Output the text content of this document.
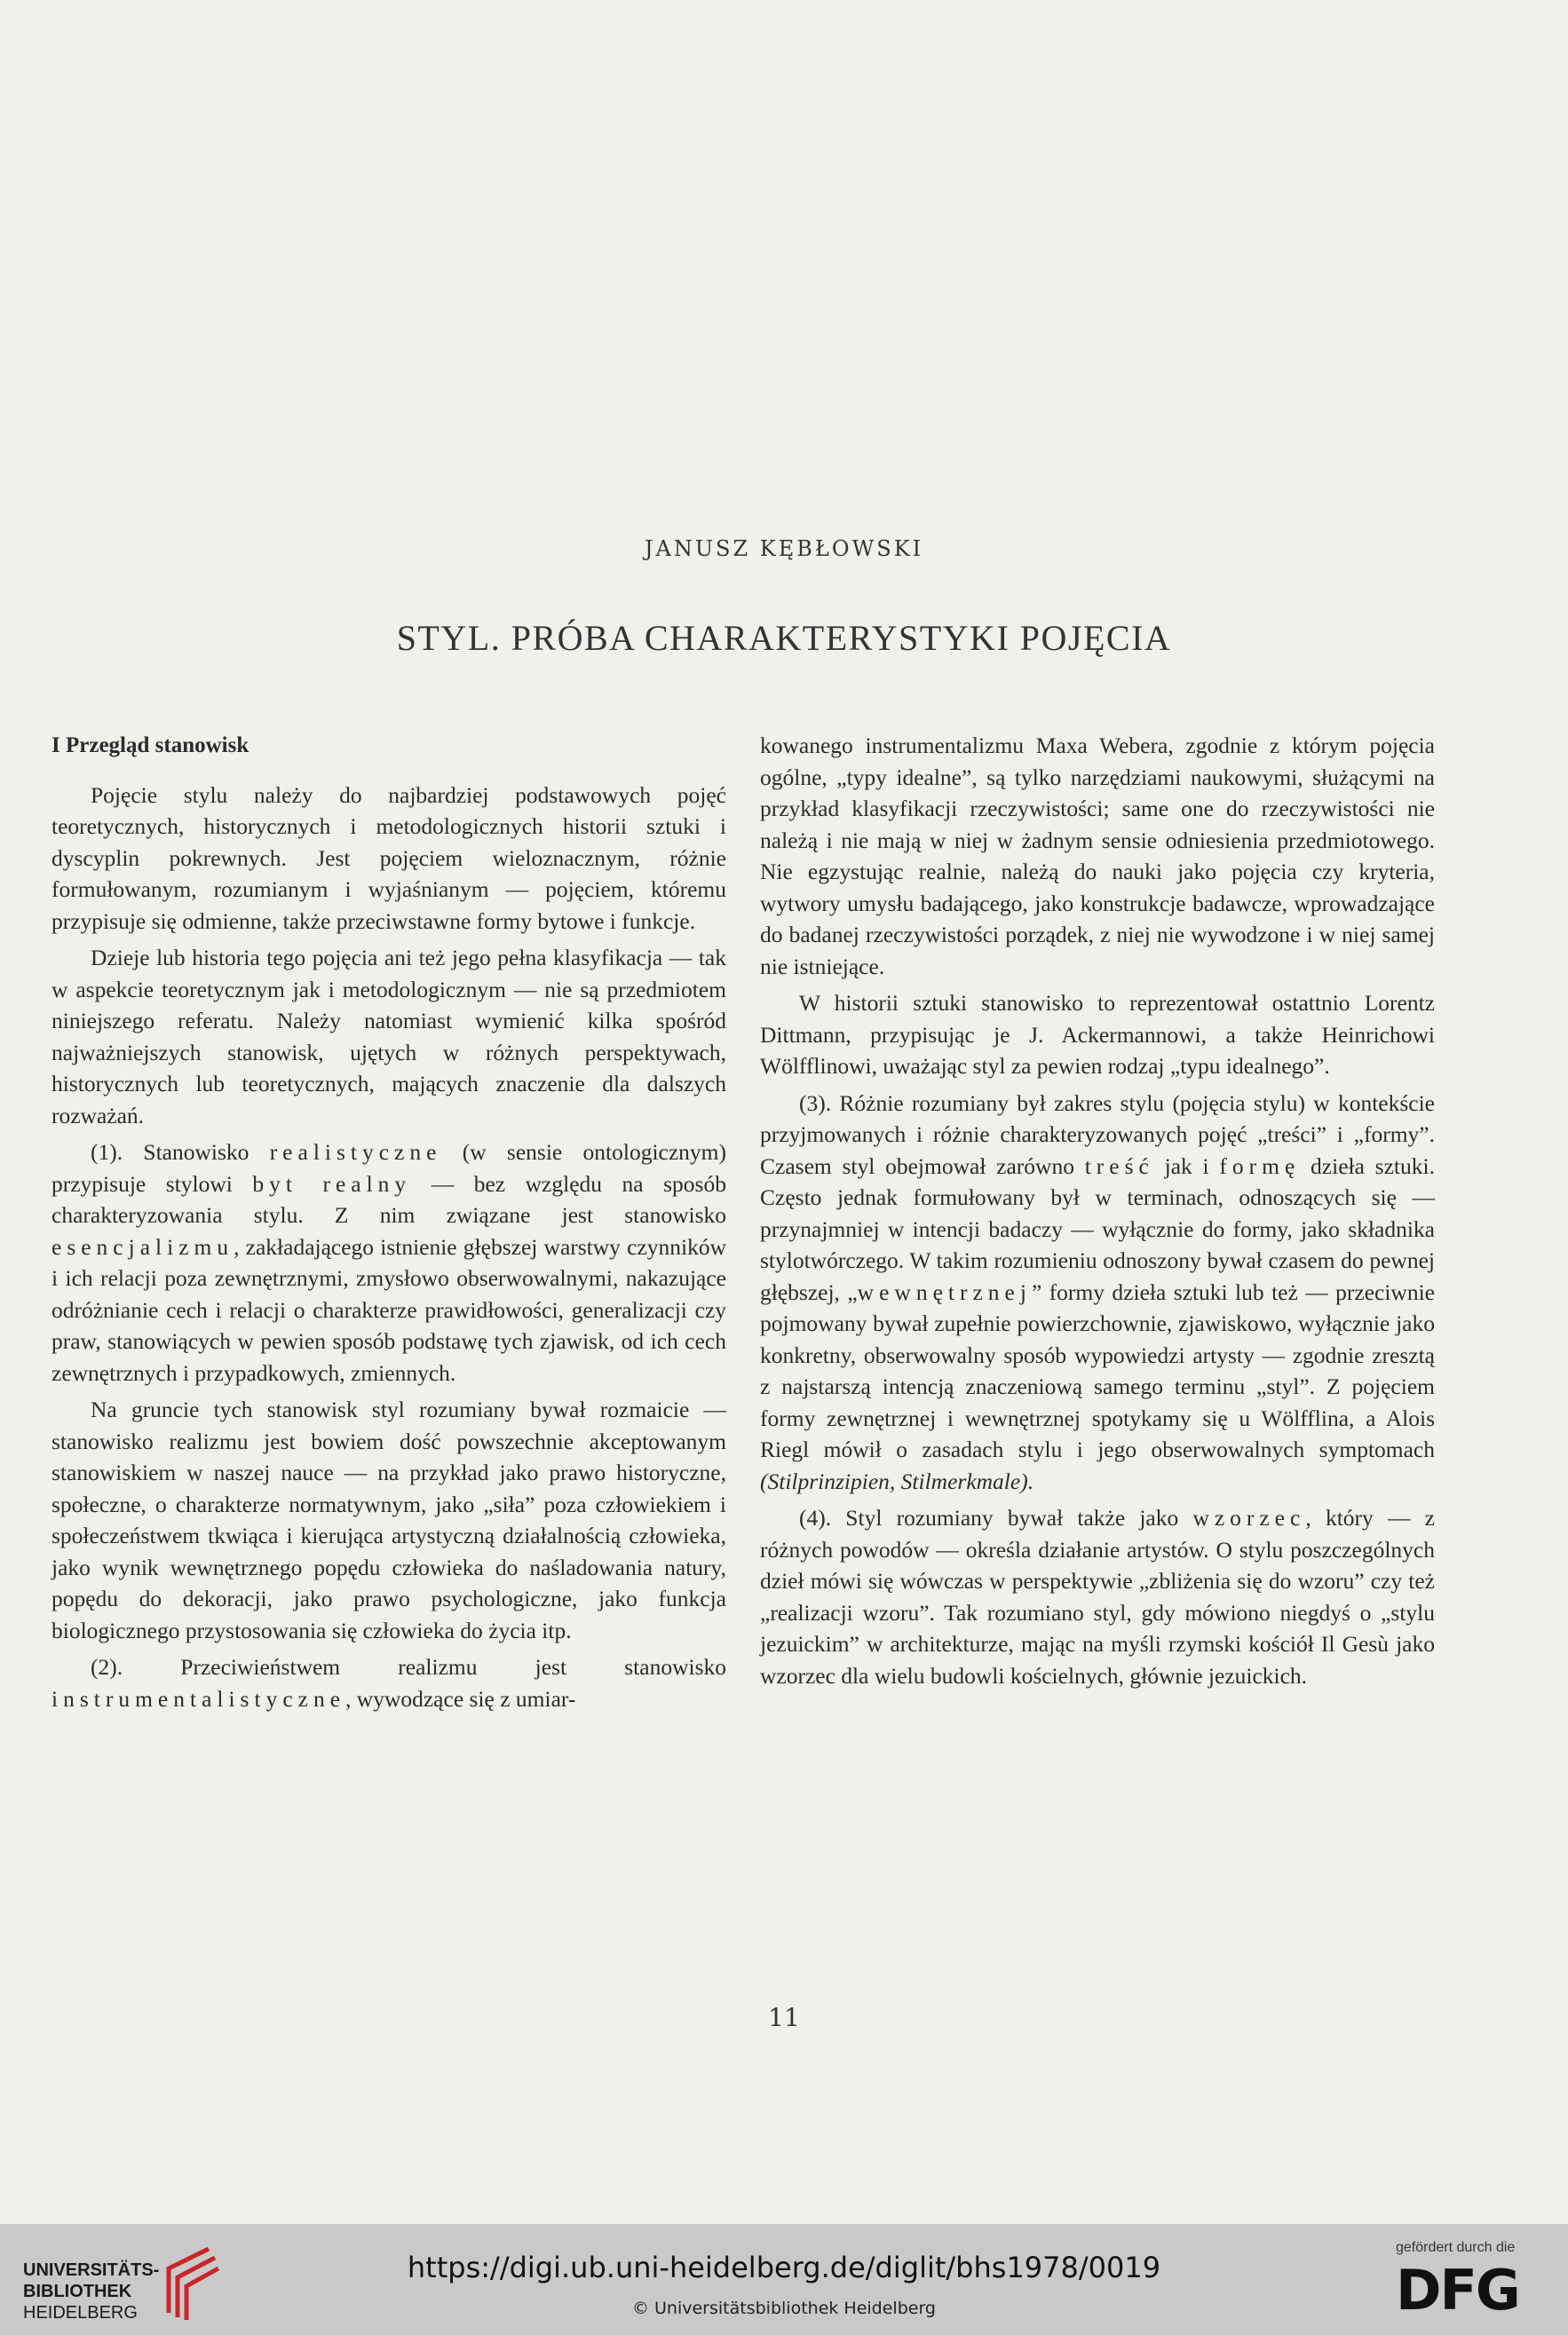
JANUSZ KĘBŁOWSKI
STYL. PRÓBA CHARAKTERYSTYKI POJĘCIA
I Przegląd stanowisk

Pojęcie stylu należy do najbardziej podstawowych pojęć teoretycznych, historycznych i metodologicznych historii sztuki i dyscyplin pokrewnych. Jest pojęciem wieloznacznym, różnie formułowanym, rozumianym i wyjaśnianym — pojęciem, któremu przypisuje się odmienne, także przeciwstawne formy bytowe i funkcje.

Dzieje lub historia tego pojęcia ani też jego pełna klasyfikacja — tak w aspekcie teoretycznym jak i metodologicznym — nie są przedmiotem niniejszego referatu. Należy natomiast wymienić kilka spośród najważniejszych stanowisk, ujętych w różnych perspektywach, historycznych lub teoretycznych, mających znaczenie dla dalszych rozważań.

(1). Stanowisko realistyczne (w sensie ontologicznym) przypisuje stylowi byt realny — bez względu na sposób charakteryzowania stylu. Z nim związane jest stanowisko esencjalizmu, zakładającego istnienie głębszej warstwy czynników i ich relacji poza zewnętrznymi, zmysłowo obserwowalnymi, nakazujące odróżnianie cech i relacji o charakterze prawidłowości, generalizacji czy praw, stanowiących w pewien sposób podstawę tych zjawisk, od ich cech zewnętrznych i przypadkowych, zmiennych.

Na gruncie tych stanowisk styl rozumiany bywał rozmaicie — stanowisko realizmu jest bowiem dość powszechnie akceptowanym stanowiskiem w naszej nauce — na przykład jako prawo historyczne, społeczne, o charakterze normatywnym, jako „siła” poza człowiekiem i społeczeństwem tkwiąca i kierująca artystyczną działalnością człowieka, jako wynik wewnętrznego popędu człowieka do naśladowania natury, popędu do dekoracji, jako prawo psychologiczne, jako funkcja biologicznego przystosowania się człowieka do życia itp.

(2). Przeciwieństwem realizmu jest stanowisko instrumentalistyczne, wywodzące się z umiar-

kowanego instrumentalizmu Maxa Webera, zgodnie z którym pojęcia ogólne, „typy idealne”, są tylko narzędziami naukowymi, służącymi na przykład klasyfikacji rzeczywistości; same one do rzeczywistości nie należą i nie mają w niej w żadnym sensie odniesienia przedmiotowego. Nie egzystując realnie, należą do nauki jako pojęcia czy kryteria, wytwory umysłu badającego, jako konstrukcje badawcze, wprowadzające do badanej rzeczywistości porządek, z niej nie wywodzone i w niej samej nie istniejące.

W historii sztuki stanowisko to reprezentował ostattnio Lorentz Dittmann, przypisując je J. Ackermannowi, a także Heinrichowi Wölfflinowi, uważając styl za pewien rodzaj „typu idealnego”.

(3). Różnie rozumiany był zakres stylu (pojęcia stylu) w kontekście przyjmowanych i różnie charakteryzowanych pojęć „treści” i „formy”. Czasem styl obejmował zarówno treść jak i formę dzieła sztuki. Często jednak formułowany był w terminach, odnoszących się — przynajmniej w intencji badaczy — wyłącznie do formy, jako składnika stylotwórczego. W takim rozumieniu odnoszony bywał czasem do pewnej głębszej, „wewnętrznej” formy dzieła sztuki lub też — przeciwnie pojmowany bywał zupełnie powierzchownie, zjawiskowo, wyłącznie jako konkretny, obserwowalny sposób wypowiedzi artysty — zgodnie zresztą z najstarszą intencją znaczeniową samego terminu „styl”. Z pojęciem formy zewnętrznej i wewnętrznej spotykamy się u Wölfflina, a Alois Riegl mówił o zasadach stylu i jego obserwowalnych symptomach (Stilprinzipien, Stilmerkmale).

(4). Styl rozumiany bywał także jako wzorzec, który — z różnych powodów — określa działanie artystów. O stylu poszczególnych dzieł mówi się wówczas w perspektywie „zbliżenia się do wzoru” czy też „realizacji wzoru”. Tak rozumiano styl, gdy mówiono niegdyś o „stylu jezuickim” w architekturze, mając na myśli rzymski kościół Il Gesù jako wzorzec dla wielu budowli kościelnych, głównie jezuickich.

11
UNIVERSITÄTS-
BIBLIOTHEK
HEIDELBERG
https://digi.ub.uni-heidelberg.de/diglit/bhs1978/0019
© Universitätsbibliothek Heidelberg
gefördert durch die
DFG
